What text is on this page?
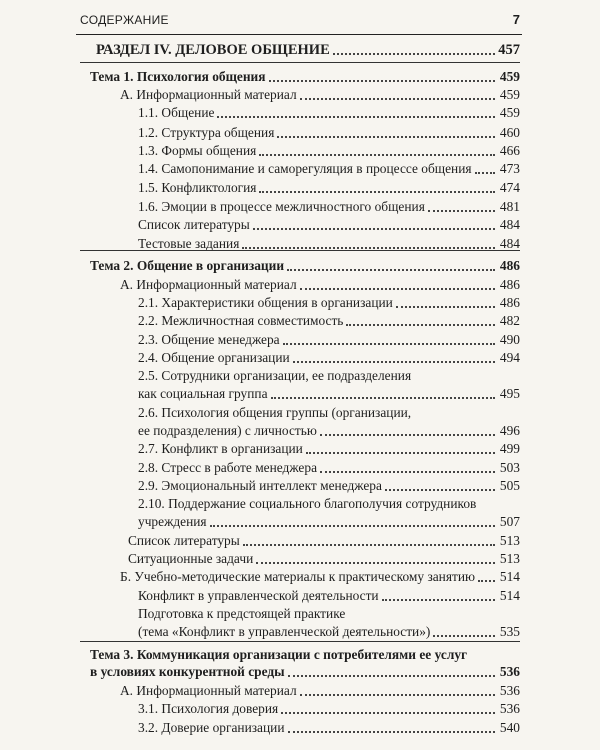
СОДЕРЖАНИЕ	7
РАЗДЕЛ IV. ДЕЛОВОЕ ОБЩЕНИЕ	457
Тема 1. Психология общения	459
А. Информационный материал	459
1.1. Общение	459
1.2. Структура общения	460
1.3. Формы общения	466
1.4. Самопонимание и саморегуляция в процессе общения 473
1.5. Конфликтология	474
1.6. Эмоции в процессе межличностного общения	481
Список литературы	484
Тестовые задания	484
Тема 2. Общение в организации	486
А. Информационный материал	486
2.1. Характеристики общения в организации	486
2.2. Межличностная совместимость	482
2.3. Общение менеджера	490
2.4. Общение организации	494
2.5. Сотрудники организации, ее подразделения
как социальная группа	495
2.6. Психология общения группы (организации,
ее подразделения) с личностью	496
2.7. Конфликт в организации	499
2.8. Стресс в работе менеджера	503
2.9. Эмоциональный интеллект менеджера	505
2.10. Поддержание социального благополучия сотрудников
учреждения	507
Список литературы	513
Ситуационные задачи	513
Б. Учебно-методические материалы к практическому занятию 514
Конфликт в управленческой деятельности	514
Подготовка к предстоящей практике
(тема «Конфликт в управленческой деятельности»)	535
Тема 3. Коммуникация организации с потребителями ее услуг
в условиях конкурентной среды	536
А. Информационный материал	536
3.1. Психология доверия	536
3.2. Доверие организации	540
